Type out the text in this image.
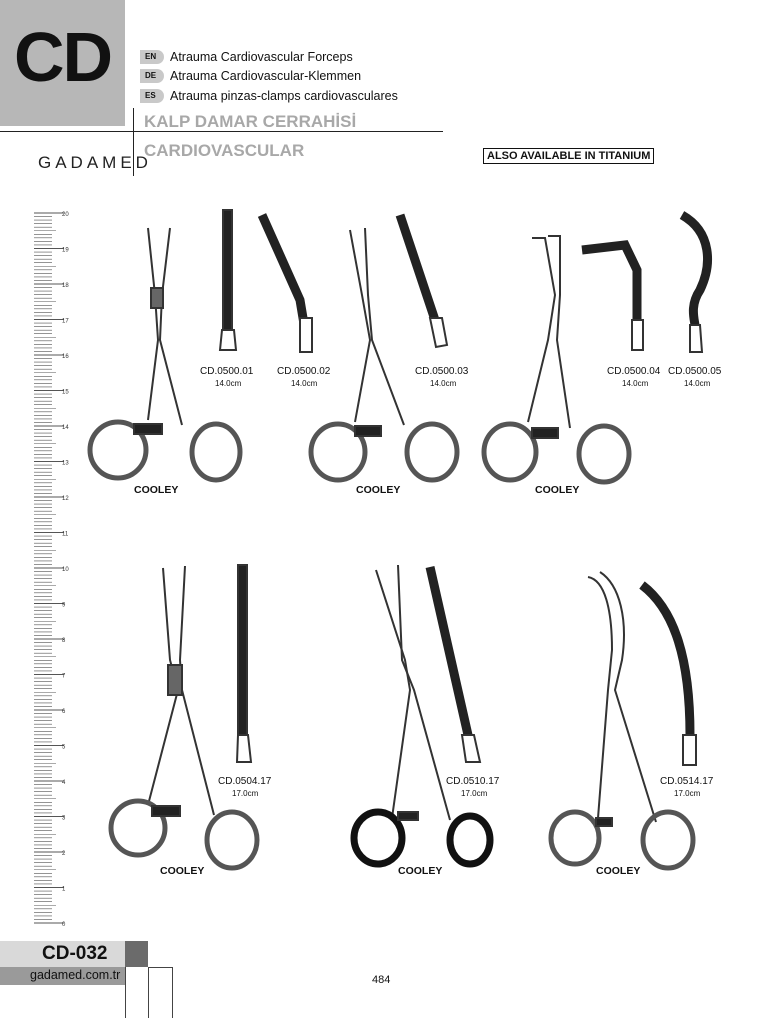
CD	EN	Atrauma Cardiovascular Forceps
DE	Atrauma Cardiovascular-Klemmen
ES	Atrauma pinzas-clamps cardiovasculares
GADAMED
KALP DAMAR CERRAHİSİ
CARDIOVASCULAR	ALSO AVAILABLE IN TITANIUM
20
19
18
17
16
15
14
13
12
11
10
9
8
7
6
5
4
3
2
1
0
CD.0500.01
14.0cm
CD.0500.02
14.0cm
CD.0500.03
14.0cm
CD.0500.04
14.0cm
CD.0500.05
14.0cm
COOLEY	COOLEY	COOLEY
CD.0504.17
17.0cm
CD.0510.17
17.0cm
CD.0514.17
17.0cm
COOLEY	COOLEY	COOLEY
CD-032
gadamed.com.tr	484
